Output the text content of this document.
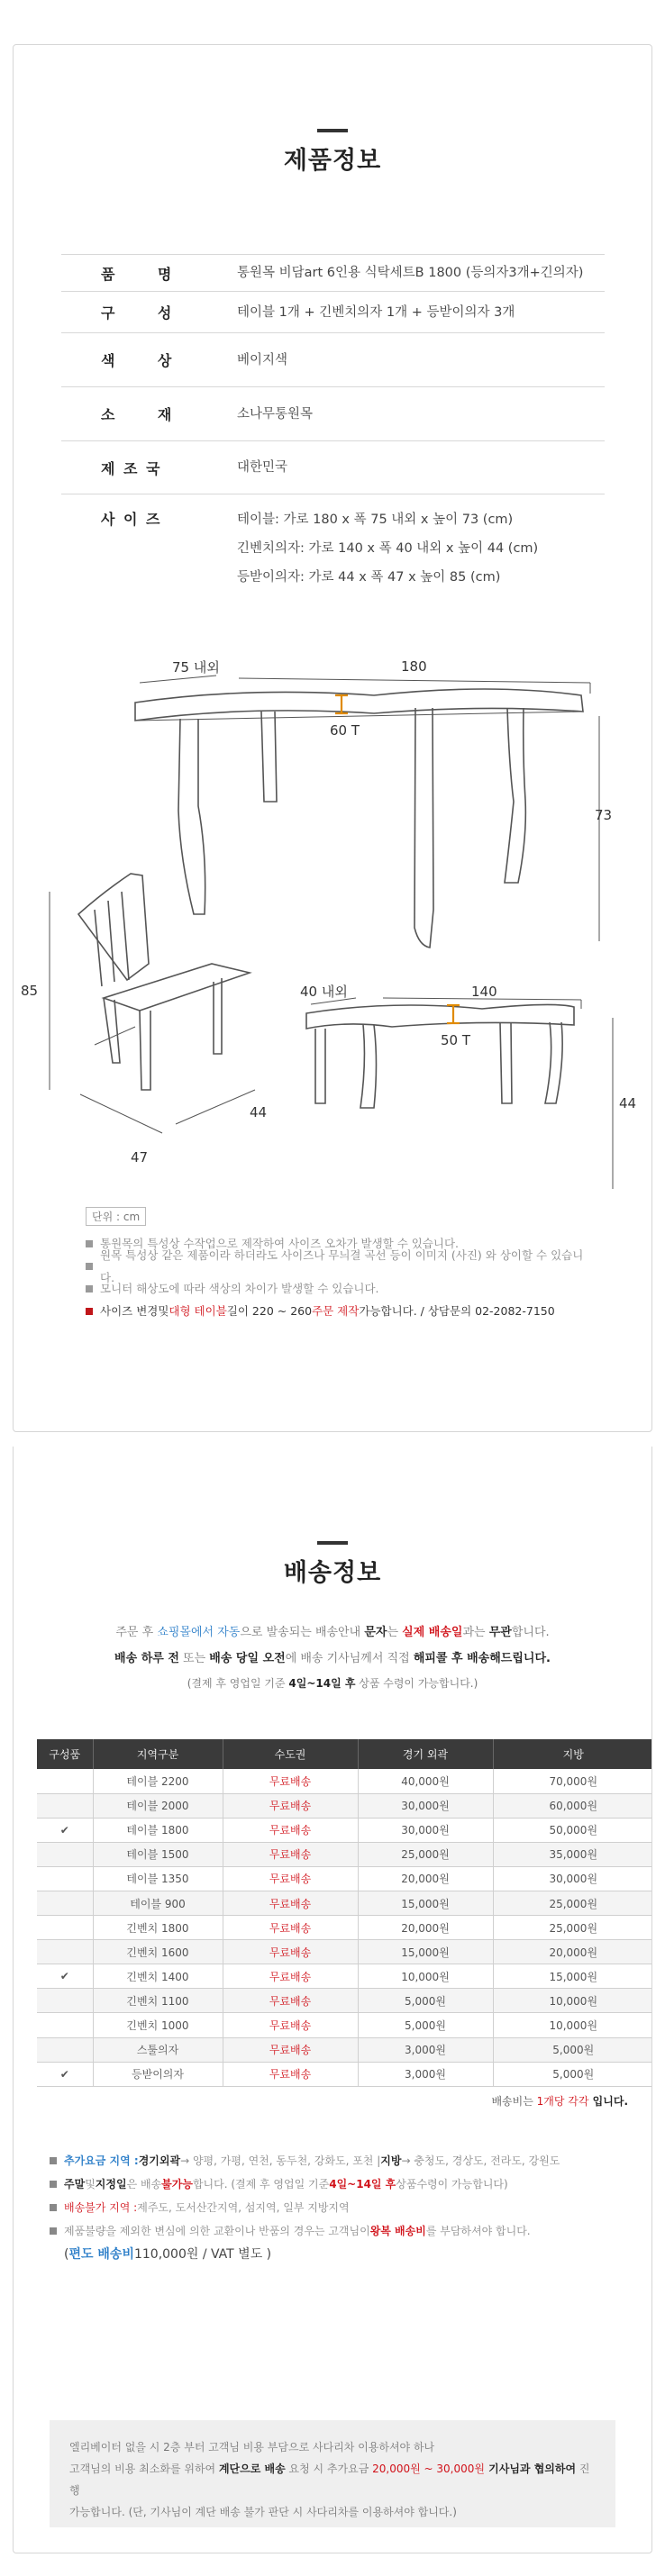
제품정보
품      명	통원목 비담art 6인용 식탁세트B 1800 (등의자3개+긴의자)
구      성	테이블 1개 + 긴벤치의자 1개 + 등받이의자 3개
색      상	베이지색
소      재	소나무통원목
제 조 국	대한민국
사 이 즈	테이블: 가로 180 x 폭 75 내외 x 높이 73 (cm)
긴벤치의자: 가로 140 x 폭 40 내외 x 높이 44 (cm)
등받이의자: 가로 44 x 폭 47 x 높이 85 (cm)
75 내외	180
60 T
73
85
47
44
40 내외	140
50 T
44
단위 : cm
통원목의 특성상 수작업으로 제작하여 사이즈 오차가 발생할 수 있습니다.
원목 특성상 같은 제품이라 하더라도 사이즈나 무늬결 곡선 등이 이미지 (사진) 와 상이할 수 있습니다.
모니터 해상도에 따라 색상의 차이가 발생할 수 있습니다.
사이즈 변경 및 대형 테이블 길이 220 ~ 260 주문 제작 가능합니다. / 상담문의 02-2082-7150
배송정보
주문 후 쇼핑몰에서 자동으로 발송되는 배송안내 문자는 실제 배송일과는 무관합니다.
배송 하루 전 또는 배송 당일 오전에 배송 기사님께서 직접 해피콜 후 배송해드립니다.
(결제 후 영업일 기준 4일~14일 후 상품 수령이 가능합니다.)
구성품	지역구분	수도권	경기 외곽	지방
	테이블 2200	무료배송	40,000원	70,000원
	테이블 2000	무료배송	30,000원	60,000원
✔	테이블 1800	무료배송	30,000원	50,000원
	테이블 1500	무료배송	25,000원	35,000원
	테이블 1350	무료배송	20,000원	30,000원
	테이블 900	무료배송	15,000원	25,000원
	긴벤치 1800	무료배송	20,000원	25,000원
	긴벤치 1600	무료배송	15,000원	20,000원
✔	긴벤치 1400	무료배송	10,000원	15,000원
	긴벤치 1100	무료배송	5,000원	10,000원
	긴벤치 1000	무료배송	5,000원	10,000원
	스툴의자	무료배송	3,000원	5,000원
✔	등받이의자	무료배송	3,000원	5,000원
배송비는 1개당 각각 입니다.
추가요금 지역 : 경기외곽 → 양평, 가평, 연천, 동두천, 강화도, 포천 | 지방 → 충청도, 경상도, 전라도, 강원도
주말 및 지정일 은 배송 불가능 합니다. (결제 후 영업일 기준 4일~14일 후 상품수령이 가능합니다)
배송불가 지역 : 제주도, 도서산간지역, 섬지역, 일부 지방지역
제품불량을 제외한 변심에 의한 교환이나 반품의 경우는 고객님이 왕복 배송비 를 부담하셔야 합니다.
( 편도 배송비 110,000원 / VAT 별도 )
엘리베이터 없을 시 2층 부터 고객님 비용 부담으로 사다리차 이용하셔야 하나
고객님의 비용 최소화를 위하여 계단으로 배송 요청 시 추가요금 20,000원 ~ 30,000원 기사님과 협의하여 진행
가능합니다. (단, 기사님이 계단 배송 불가 판단 시 사다리차를 이용하셔야 합니다.)
